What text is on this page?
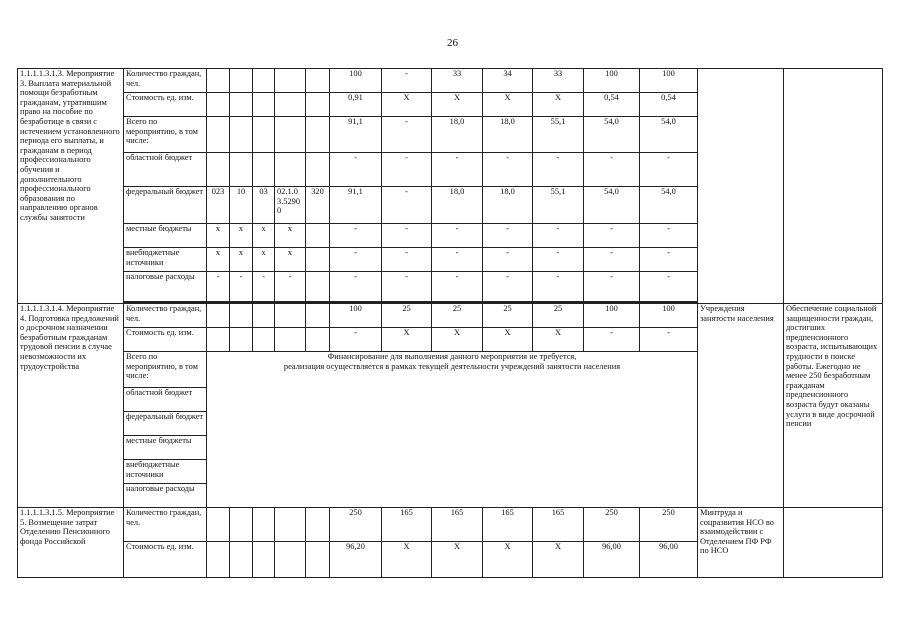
26
1.1.1.1.3.1.3. Мероприятие 3. Выплата материальной помощи безработным гражданам, утратившим право на пособие по безработице в связи с истечением установленного периода его выплаты, и гражданам в период профессионального обучения и дополнительного профессионального образования по направлению органов службы занятости	Количество граждан, чел.						100	-	33	34	33	100	100		
	Стоимость ед. изм.						0,91	Х	Х	Х	Х	0,54	0,54		
	Всего по мероприятию, в том числе:						91,1	-	18,0	18,0	55,1	54,0	54,0		
	областной бюджет						-	-	-	-	-	-	-		
	федеральный бюджет	023	10	03	02.1.03.52900	320	91,1	-	18,0	18,0	55,1	54,0	54,0		
	местные бюджеты	х	х	х	х		-	-	-	-	-	-	-		
	внебюджетные источники	х	х	х	х		-	-	-	-	-	-	-		
	налоговые расходы	-	-	-	-		-	-	-	-	-	-	-		

1.1.1.1.3.1.4. Мероприятие 4. Подготовка предложений о досрочном назначении безработным гражданам трудовой пенсии в случае невозможности их трудоустройства	Количество граждан, чел.						100	25	25	25	25	100	100	Учреждения занятости населения	Обеспечение социальной защищенности граждан, достигших предпенсионного возраста, испытывающих трудности в поиске работы. Ежегодно не менее 250 безработным гражданам предпенсионного возраста будут оказаны услуги в виде досрочной пенсии
	Стоимость ед. изм.						-	Х	Х	Х	Х	-	-		
	Всего по мероприятию, в том числе:	Финансирование для выполнения данного мероприятия не требуется,
реализация осуществляется в рамках текущей деятельности учреждений занятости населения													

	областной бюджет														
	федеральный бюджет														
	местные бюджеты														
	внебюджетные источники														
	налоговые расходы														
1.1.1.1.3.1.5. Мероприятие 5. Возмещение затрат Отделению Пенсионного фонда Российской	Количество граждан,
чел.						250	165	165	165	165	250	250	Минтруда и соцразвития НСО во взаимодействии с Отделением ПФ РФ по НСО	
	Стоимость ед. изм.						96,20	Х	Х	Х	Х	96,00	96,00		
